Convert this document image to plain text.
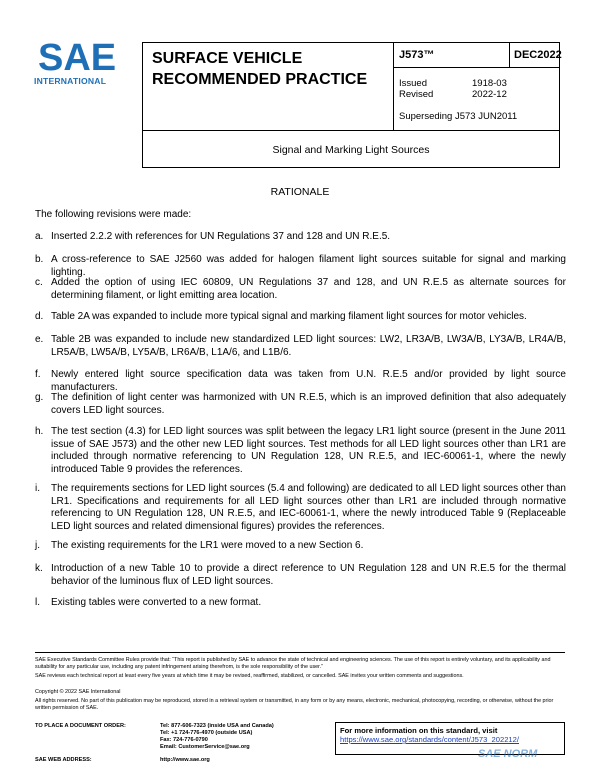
SAE
INTERNATIONAL
SURFACE VEHICLE
RECOMMENDED PRACTICE
J573™	DEC2022
Issued	1918-03
Revised	2022-12
Superseding J573 JUN2011
Signal and Marking Light Sources
RATIONALE
The following revisions were made:
a. Inserted 2.2.2 with references for UN Regulations 37 and 128 and UN R.E.5.
b. A cross-reference to SAE J2560 was added for halogen filament light sources suitable for signal and marking lighting.
c. Added the option of using IEC 60809, UN Regulations 37 and 128, and UN R.E.5 as alternate sources for determining filament, or light emitting area location.
d. Table 2A was expanded to include more typical signal and marking filament light sources for motor vehicles.
e. Table 2B was expanded to include new standardized LED light sources: LW2, LR3A/B, LW3A/B, LY3A/B, LR4A/B, LR5A/B, LW5A/B, LY5A/B, LR6A/B, L1A/6, and L1B/6.
f. Newly entered light source specification data was taken from U.N. R.E.5 and/or provided by light source manufacturers.
g. The definition of light center was harmonized with UN R.E.5, which is an improved definition that also adequately covers LED light sources.
h. The test section (4.3) for LED light sources was split between the legacy LR1 light source (present in the June 2011 issue of SAE J573) and the other new LED light sources. Test methods for all LED light sources other than LR1 are included through normative referencing to UN Regulation 128, UN R.E.5, and IEC-60061-1, where the newly introduced Table 9 provides the references.
i. The requirements sections for LED light sources (5.4 and following) are dedicated to all LED light sources other than LR1. Specifications and requirements for all LED light sources other than LR1 are included through normative referencing to UN Regulation 128, UN R.E.5, and IEC-60061-1, where the newly introduced Table 9 (Replaceable LED light sources and related dimensional figures) provides the references.
j. The existing requirements for the LR1 were moved to a new Section 6.
k. Introduction of a new Table 10 to provide a direct reference to UN Regulation 128 and UN R.E.5 for the thermal behavior of the luminous flux of LED light sources.
l. Existing tables were converted to a new format.
SAE Executive Standards Committee Rules provide that: “This report is published by SAE to advance the state of technical and engineering sciences. The use of this report is entirely voluntary, and its applicability and suitability for any particular use, including any patent infringement arising therefrom, is the sole responsibility of the user.”
SAE reviews each technical report at least every five years at which time it may be revised, reaffirmed, stabilized, or cancelled. SAE invites your written comments and suggestions.
Copyright © 2022 SAE International
All rights reserved. No part of this publication may be reproduced, stored in a retrieval system or transmitted, in any form or by any means, electronic, mechanical, photocopying, recording, or otherwise, without the prior written permission of SAE.
TO PLACE A DOCUMENT ORDER:	Tel: 877-606-7323 (inside USA and Canada)
Tel: +1 724-776-4970 (outside USA)
Fax: 724-776-0790
Email: CustomerService@sae.org
SAE WEB ADDRESS:	http://www.sae.org
For more information on this standard, visit
https://www.sae.org/standards/content/J573_202212/
SAE NORM
